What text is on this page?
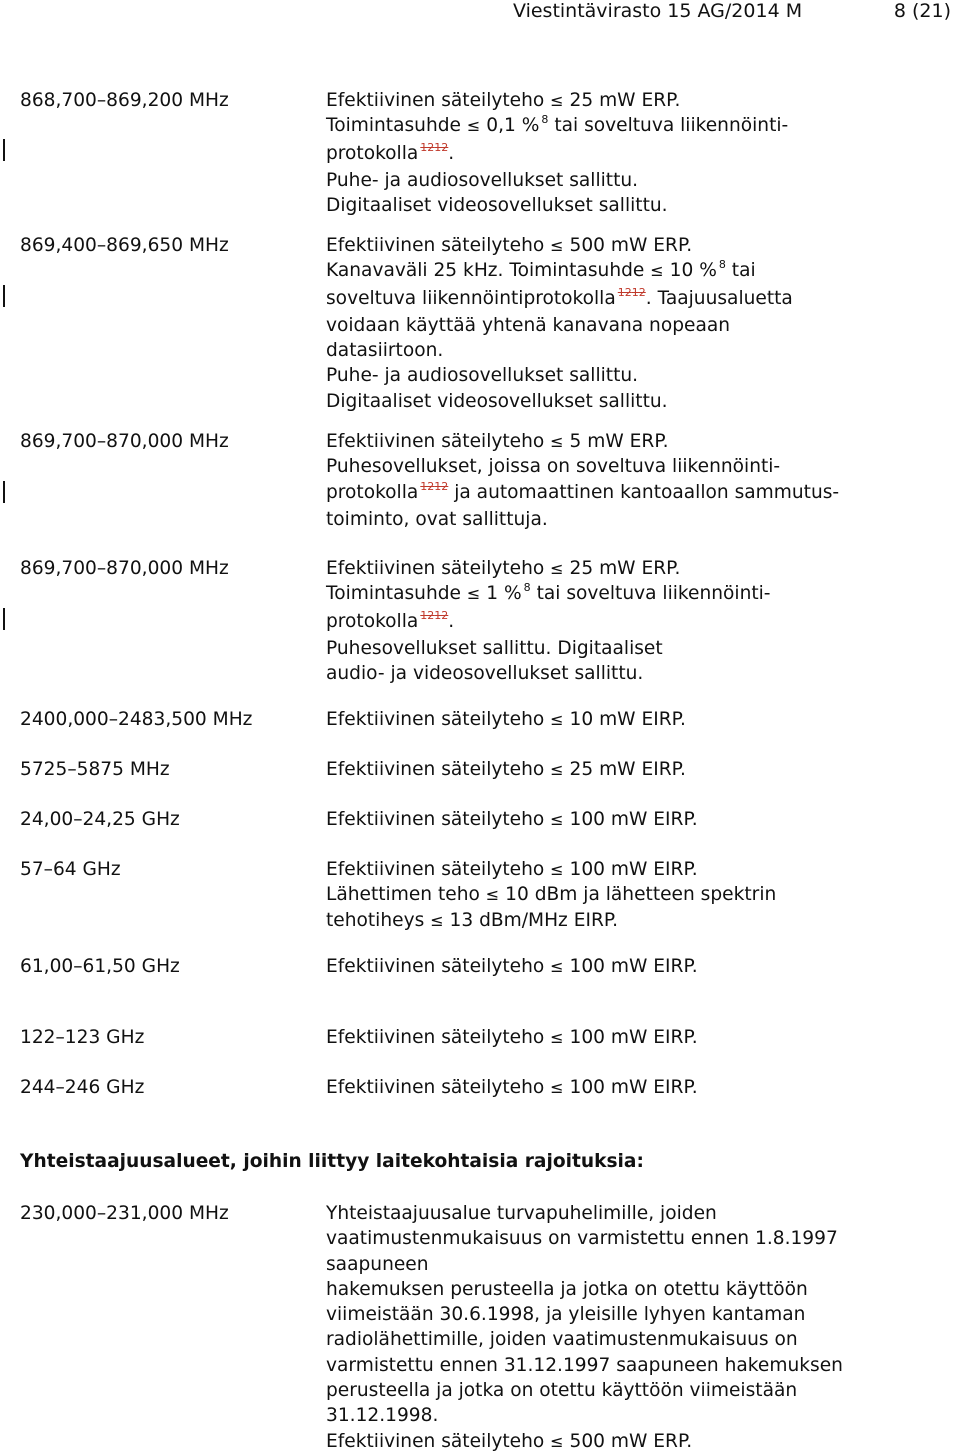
Viestintävirasto 15 AG/2014 M	8 (21)
868,700–869,200 MHz	Efektiivinen säteilyteho ≤ 25 mW ERP.
Toimintasuhde ≤ 0,1 % $^8$ tai soveltuva liikennöinti-
protokolla $^{1212}$.
Puhe- ja audiosovellukset sallittu.
Digitaaliset videosovellukset sallittu.
869,400–869,650 MHz	Efektiivinen säteilyteho ≤ 500 mW ERP.
Kanavaväli 25 kHz. Toimintasuhde ≤ 10 % $^8$ tai
soveltuva liikennöintiprotokolla $^{1212}$. Taajuusaluetta
voidaan käyttää yhtenä kanavana nopeaan
datasiirtoon.
Puhe- ja audiosovellukset sallittu.
Digitaaliset videosovellukset sallittu.
869,700–870,000 MHz	Efektiivinen säteilyteho ≤ 5 mW ERP.
Puhesovellukset, joissa on soveltuva liikennöinti-
protokolla $^{1212}$ ja automaattinen kantoaallon sammutus-
toiminto, ovat sallittuja.
869,700–870,000 MHz	Efektiivinen säteilyteho ≤ 25 mW ERP.
Toimintasuhde ≤ 1 % $^8$ tai soveltuva liikennöinti-
protokolla $^{1212}$.
Puhesovellukset sallittu. Digitaaliset
audio- ja videosovellukset sallittu.
2400,000–2483,500 MHz	Efektiivinen säteilyteho ≤ 10 mW EIRP.
5725–5875 MHz	Efektiivinen säteilyteho ≤ 25 mW EIRP.
24,00–24,25 GHz	Efektiivinen säteilyteho ≤ 100 mW EIRP.
57–64 GHz	Efektiivinen säteilyteho ≤ 100 mW EIRP.
Lähettimen teho ≤ 10 dBm ja lähetteen spektrin
tehotiheys ≤ 13 dBm/MHz EIRP.
61,00–61,50 GHz	Efektiivinen säteilyteho ≤ 100 mW EIRP.
122–123 GHz	Efektiivinen säteilyteho ≤ 100 mW EIRP.
244–246 GHz	Efektiivinen säteilyteho ≤ 100 mW EIRP.
Yhteistaajuusalueet, joihin liittyy laitekohtaisia rajoituksia:
230,000–231,000 MHz	Yhteistaajuusalue turvapuhelimille, joiden
vaatimustenmukaisuus on varmistettu ennen 1.8.1997
saapuneen
hakemuksen perusteella ja jotka on otettu käyttöön
viimeistään 30.6.1998, ja yleisille lyhyen kantaman
radiolähettimille, joiden vaatimustenmukaisuus on
varmistettu ennen 31.12.1997 saapuneen hakemuksen
perusteella ja jotka on otettu käyttöön viimeistään
31.12.1998.
Efektiivinen säteilyteho ≤ 500 mW ERP.
